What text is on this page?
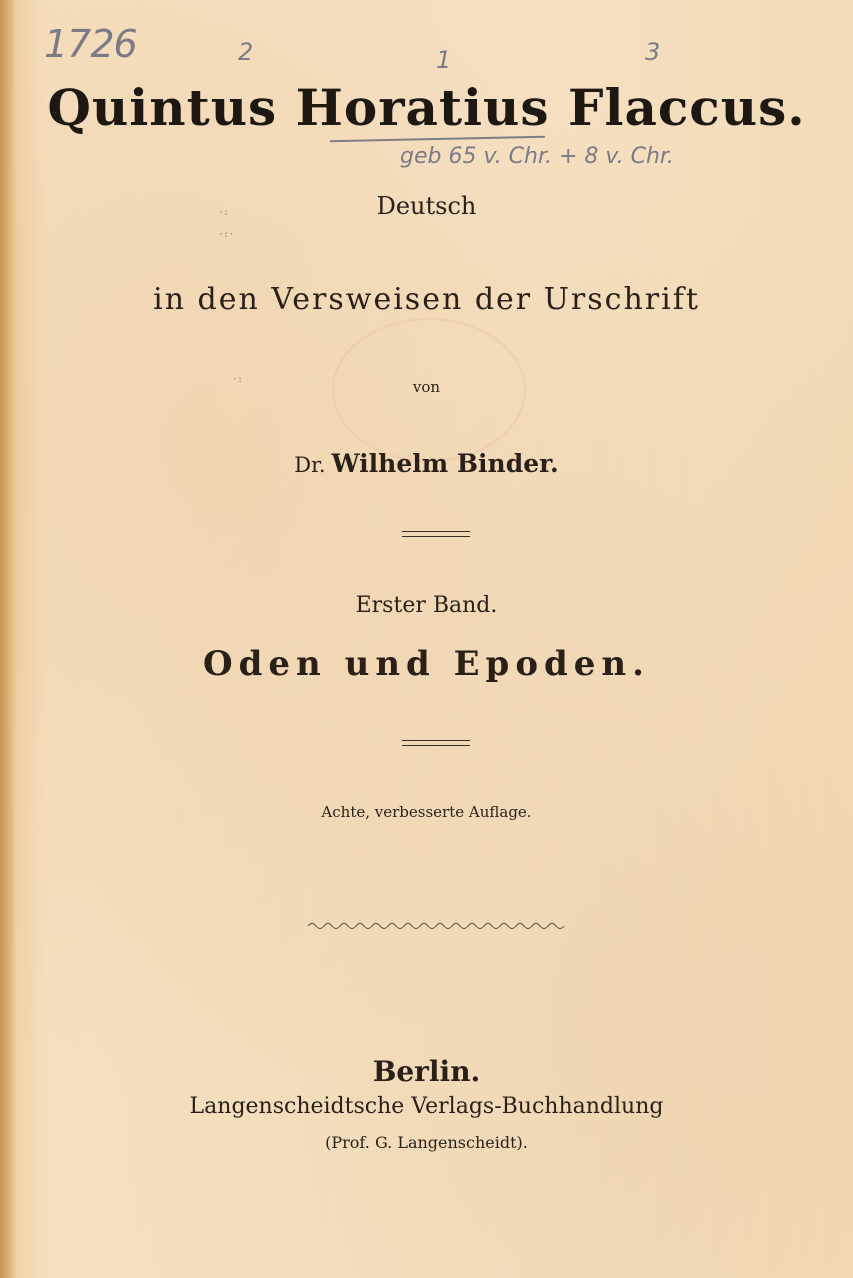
1726	2	1	3
Quintus Horatius Flaccus.
geb 65 v. Chr. + 8 v. Chr.
·:
·:·
·:
Deutsch
in den Versweisen der Urschrift
von
Dr. Wilhelm Binder.
Erster Band.
Oden und Epoden.
Achte, verbesserte Auflage.
Berlin.
Langenscheidtsche Verlags-Buchhandlung
(Prof. G. Langenscheidt).
